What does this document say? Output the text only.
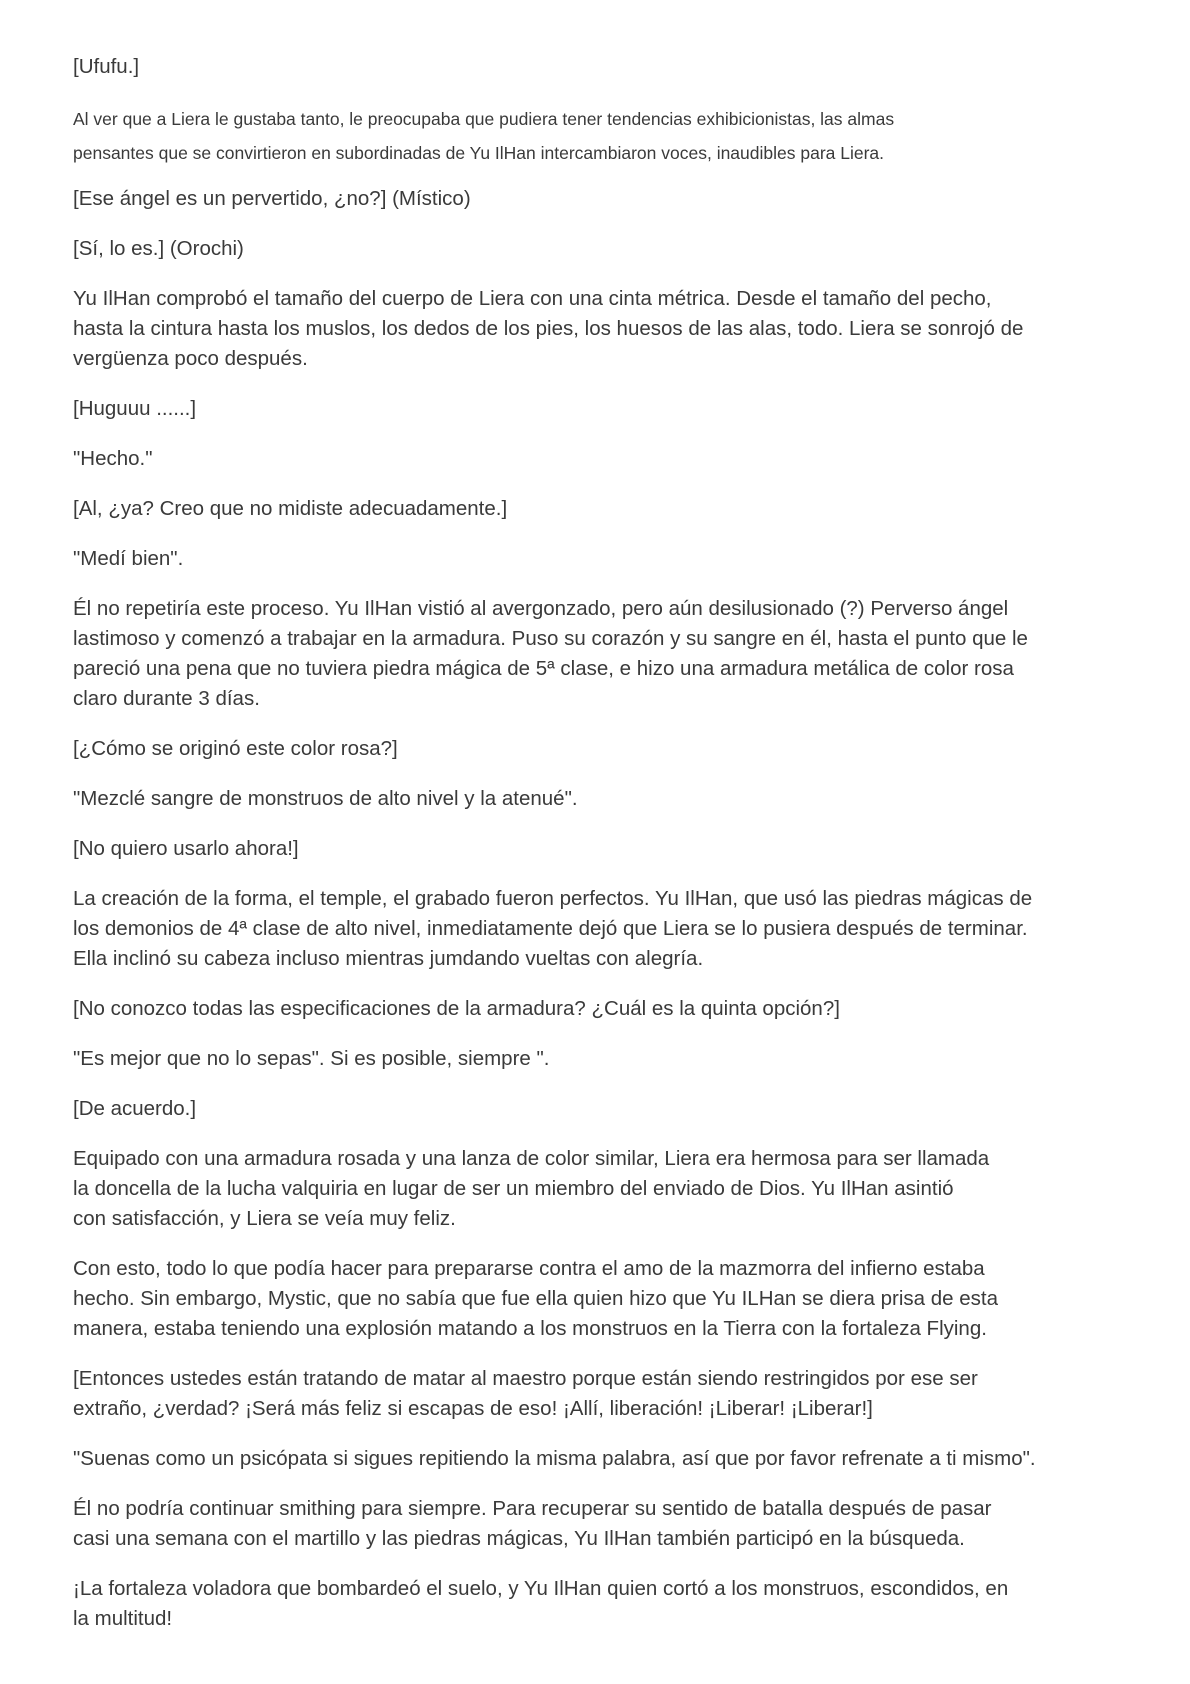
[Ufufu.]

Al ver que a Liera le gustaba tanto, le preocupaba que pudiera tener tendencias exhibicionistas, las almas
pensantes que se convirtieron en subordinadas de Yu IlHan intercambiaron voces, inaudibles para Liera.

[Ese ángel es un pervertido, ¿no?] (Místico)

[Sí, lo es.] (Orochi)

Yu IlHan comprobó el tamaño del cuerpo de Liera con una cinta métrica. Desde el tamaño del pecho,
hasta la cintura hasta los muslos, los dedos de los pies, los huesos de las alas, todo. Liera se sonrojó de
vergüenza poco después.

[Huguuu ......]

"Hecho."

[Al, ¿ya? Creo que no midiste adecuadamente.]

"Medí bien".

Él no repetiría este proceso. Yu IlHan vistió al avergonzado, pero aún desilusionado (?) Perverso ángel
lastimoso y comenzó a trabajar en la armadura. Puso su corazón y su sangre en él, hasta el punto que le
pareció una pena que no tuviera piedra mágica de 5ª clase, e hizo una armadura metálica de color rosa
claro durante 3 días.

[¿Cómo se originó este color rosa?]

"Mezclé sangre de monstruos de alto nivel y la atenué".

[No quiero usarlo ahora!]

La creación de la forma, el temple, el grabado fueron perfectos. Yu IlHan, que usó las piedras mágicas de
los demonios de 4ª clase de alto nivel, inmediatamente dejó que Liera se lo pusiera después de terminar.
Ella inclinó su cabeza incluso mientras jumdando vueltas con alegría.

[No conozco todas las especificaciones de la armadura? ¿Cuál es la quinta opción?]

"Es mejor que no lo sepas". Si es posible, siempre ".

[De acuerdo.]

Equipado con una armadura rosada y una lanza de color similar, Liera era hermosa para ser llamada
la doncella de la lucha valquiria en lugar de ser un miembro del enviado de Dios. Yu IlHan asintió
con satisfacción, y Liera se veía muy feliz.

Con esto, todo lo que podía hacer para prepararse contra el amo de la mazmorra del infierno estaba
hecho. Sin embargo, Mystic, que no sabía que fue ella quien hizo que Yu ILHan se diera prisa de esta
manera, estaba teniendo una explosión matando a los monstruos en la Tierra con la fortaleza Flying.

[Entonces ustedes están tratando de matar al maestro porque están siendo restringidos por ese ser
extraño, ¿verdad? ¡Será más feliz si escapas de eso! ¡Allí, liberación! ¡Liberar! ¡Liberar!]

"Suenas como un psicópata si sigues repitiendo la misma palabra, así que por favor refrenate a ti mismo".

Él no podría continuar smithing para siempre. Para recuperar su sentido de batalla después de pasar
casi una semana con el martillo y las piedras mágicas, Yu IlHan también participó en la búsqueda.

¡La fortaleza voladora que bombardeó el suelo, y Yu IlHan quien cortó a los monstruos, escondidos, en
la multitud!
